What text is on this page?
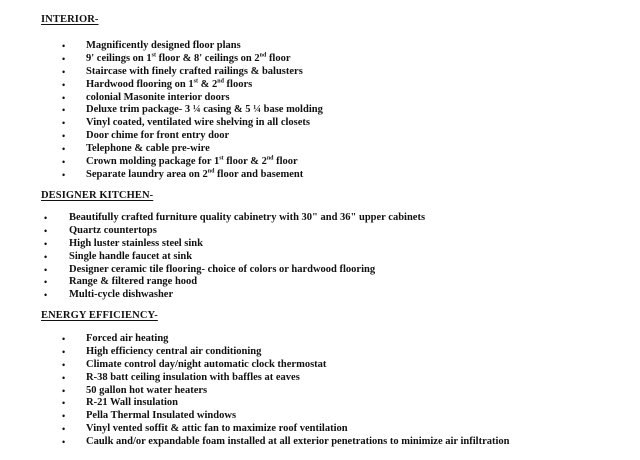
INTERIOR-
• Magnificently designed floor plans
• 9' ceilings on 1st floor & 8' ceilings on 2nd floor
• Staircase with finely crafted railings & balusters
• Hardwood flooring on 1st & 2nd floors
• colonial Masonite interior doors
• Deluxe trim package- 3 ¼ casing & 5 ¼ base molding
• Vinyl coated, ventilated wire shelving in all closets
• Door chime for front entry door
• Telephone & cable pre-wire
• Crown molding package for 1st floor & 2nd floor
• Separate laundry area on 2nd floor and basement
DESIGNER KITCHEN-
• Beautifully crafted furniture quality cabinetry with 30" and 36" upper cabinets
• Quartz countertops
• High luster stainless steel sink
• Single handle faucet at sink
• Designer ceramic tile flooring- choice of colors or hardwood flooring
• Range & filtered range hood
• Multi-cycle dishwasher
ENERGY EFFICIENCY-
• Forced air heating
• High efficiency central air conditioning
• Climate control day/night automatic clock thermostat
• R-38 batt ceiling insulation with baffles at eaves
• 50 gallon hot water heaters
• R-21 Wall insulation
• Pella Thermal Insulated windows
• Vinyl vented soffit & attic fan to maximize roof ventilation
• Caulk and/or expandable foam installed at all exterior penetrations to minimize air infiltration
